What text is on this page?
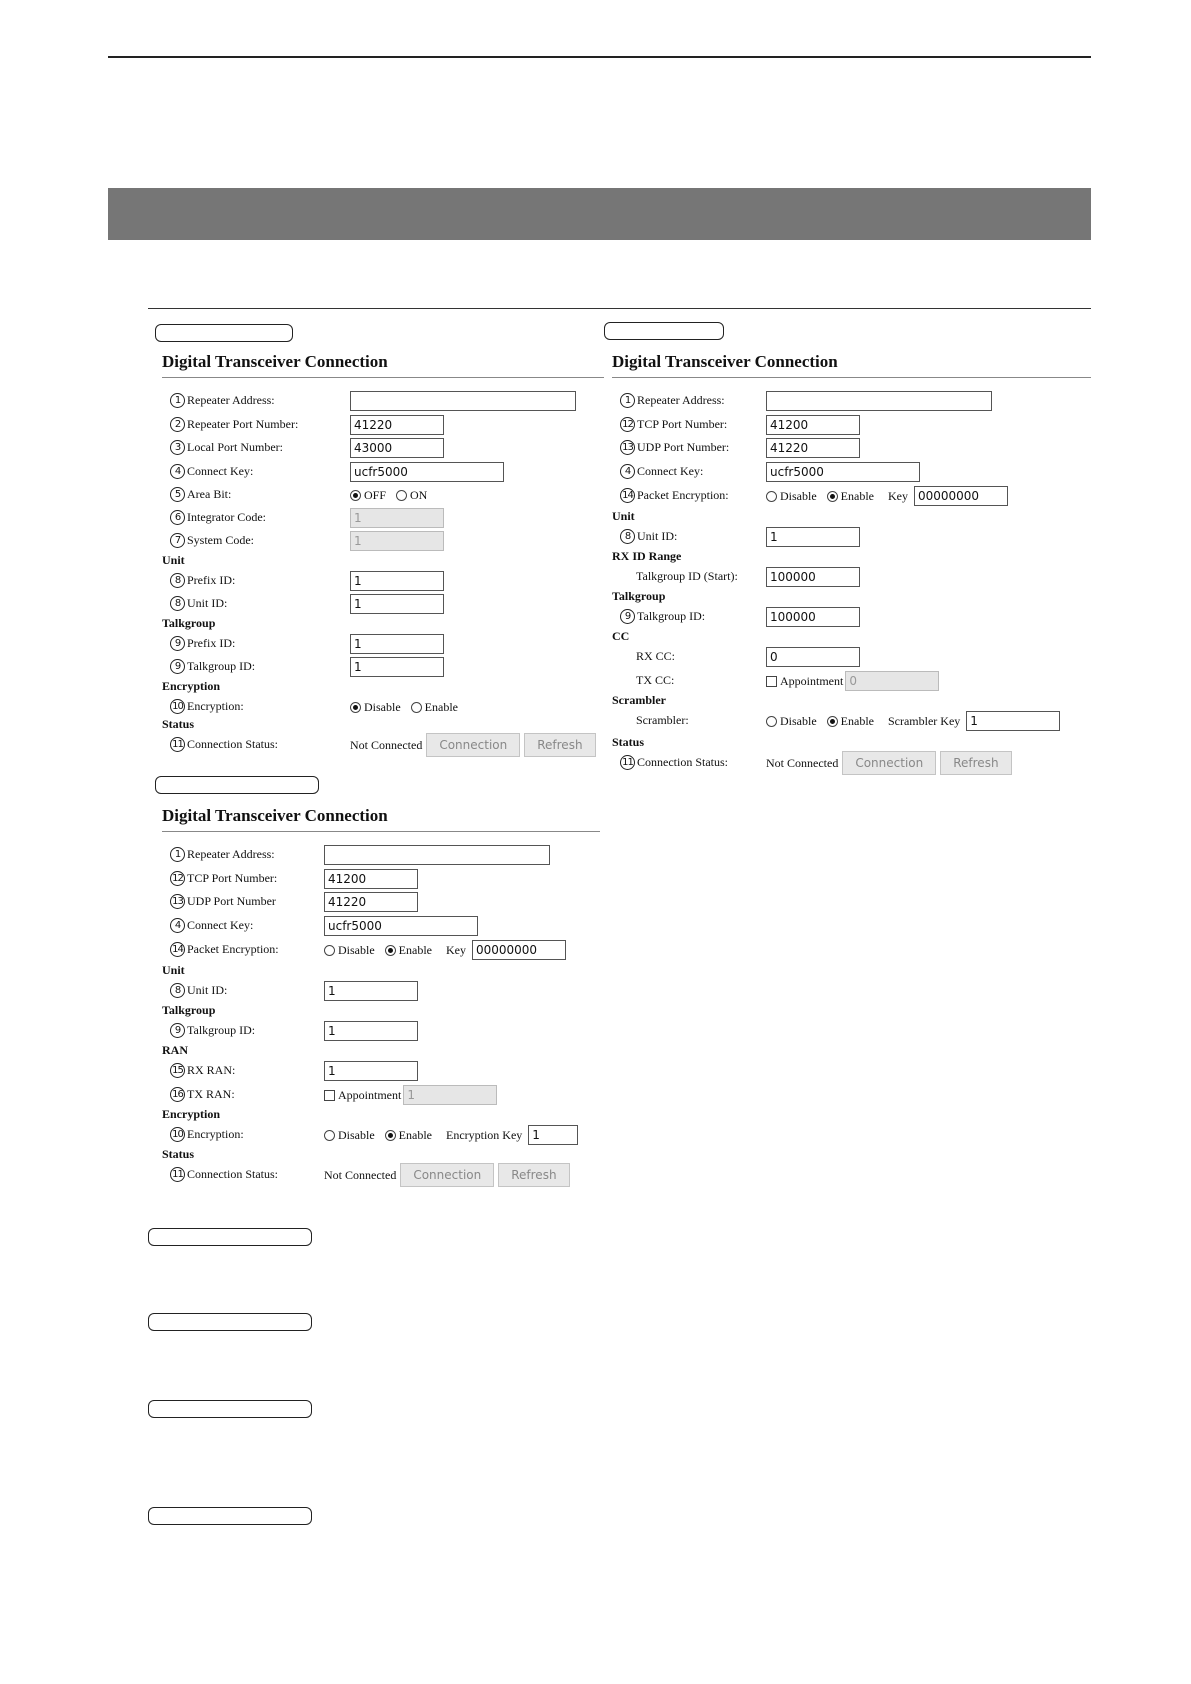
Digital Transceiver Connection
1 Repeater Address:
2 Repeater Port Number:
41220
3 Local Port Number:
43000
4 Connect Key:
ucfr5000
5 Area Bit:	OFF ON
6 Integrator Code:
1
7 System Code:
1
Unit
8 Prefix ID:
1
8 Unit ID:
1
Talkgroup
9 Prefix ID:
1
9 Talkgroup ID:
1
Encryption
10 Encryption:	Disable Enable
Status
11 Connection Status:	Not Connected	Connection	Refresh
Digital Transceiver Connection
1 Repeater Address:
12 TCP Port Number:
41200
13 UDP Port Number
41220
4 Connect Key:
ucfr5000
14 Packet Encryption:	Disable Enable Key
00000000
Unit
8 Unit ID:
1
Talkgroup
9 Talkgroup ID:
1
RAN
15 RX RAN:
1
16 TX RAN:	Appointment
1
Encryption
10 Encryption:	Disable Enable Encryption Key
1
Status
11 Connection Status:	Not Connected	Connection	Refresh
Digital Transceiver Connection
1 Repeater Address:
12 TCP Port Number:
41200
13 UDP Port Number:
41220
4 Connect Key:
ucfr5000
14 Packet Encryption:	Disable Enable Key
00000000
Unit
8 Unit ID:
1
RX ID Range
Talkgroup ID (Start):
100000
Talkgroup
9 Talkgroup ID:
100000
CC
RX CC:
0
TX CC:	Appointment
0
Scrambler
Scrambler:	Disable Enable Scrambler Key
1
Status
11 Connection Status:	Not Connected	Connection	Refresh
